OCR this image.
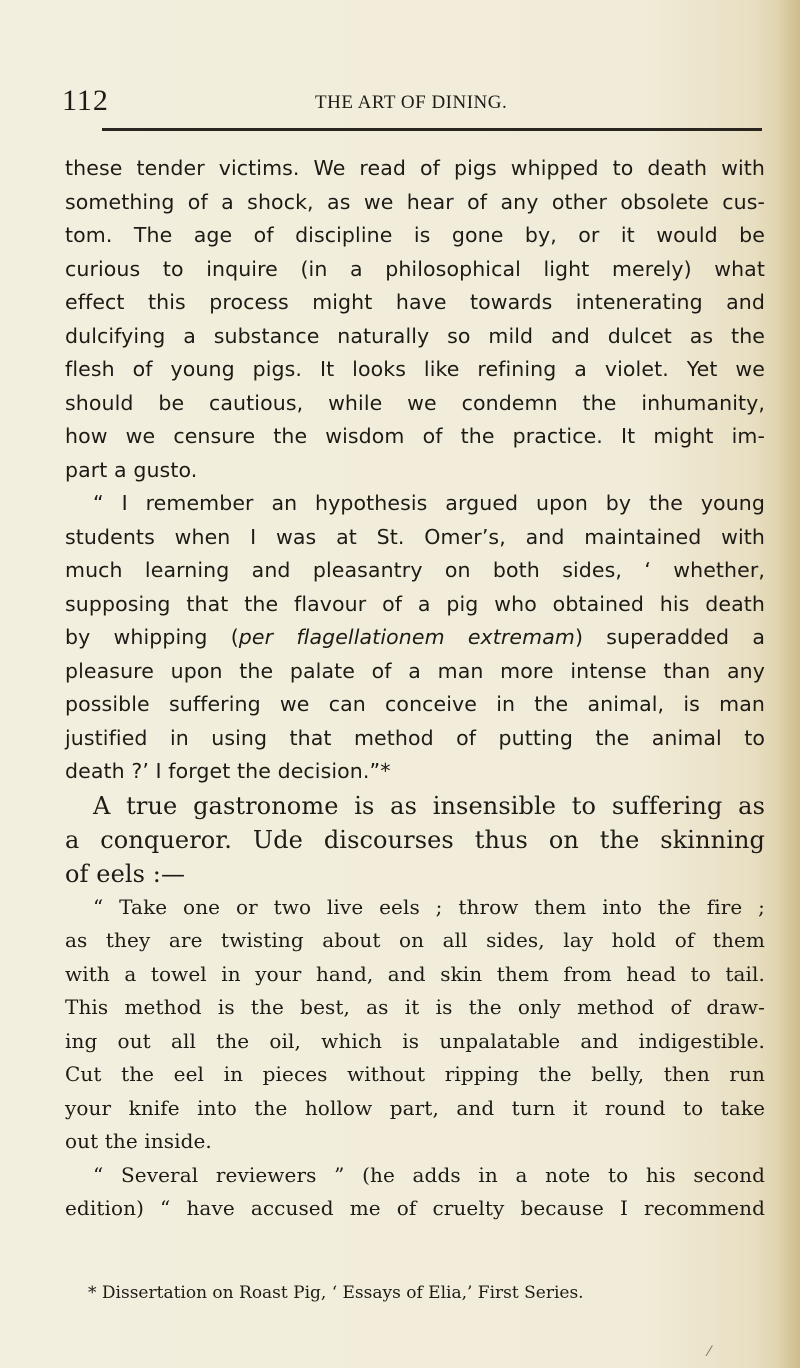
112	THE ART OF DINING.
these tender victims. We read of pigs whipped to death with
something of a shock, as we hear of any other obsolete cus-
tom. The age of discipline is gone by, or it would be
curious to inquire (in a philosophical light merely) what
effect this process might have towards intenerating and
dulcifying a substance naturally so mild and dulcet as the
flesh of young pigs. It looks like refining a violet. Yet we
should be cautious, while we condemn the inhumanity,
how we censure the wisdom of the practice. It might im-
part a gusto.
“ I remember an hypothesis argued upon by the young
students when I was at St. Omer’s, and maintained with
much learning and pleasantry on both sides, ‘ whether,
supposing that the flavour of a pig who obtained his death
by whipping (per flagellationem extremam) superadded a
pleasure upon the palate of a man more intense than any
possible suffering we can conceive in the animal, is man
justified in using that method of putting the animal to
death ?’ I forget the decision.”*
A true gastronome is as insensible to suffering as
a conqueror. Ude discourses thus on the skinning
of eels :—
“ Take one or two live eels ; throw them into the fire ;
as they are twisting about on all sides, lay hold of them
with a towel in your hand, and skin them from head to tail.
This method is the best, as it is the only method of draw-
ing out all the oil, which is unpalatable and indigestible.
Cut the eel in pieces without ripping the belly, then run
your knife into the hollow part, and turn it round to take
out the inside.
“ Several reviewers ” (he adds in a note to his second
edition) “ have accused me of cruelty because I recommend
* Dissertation on Roast Pig, ‘ Essays of Elia,’ First Series.
⁄
